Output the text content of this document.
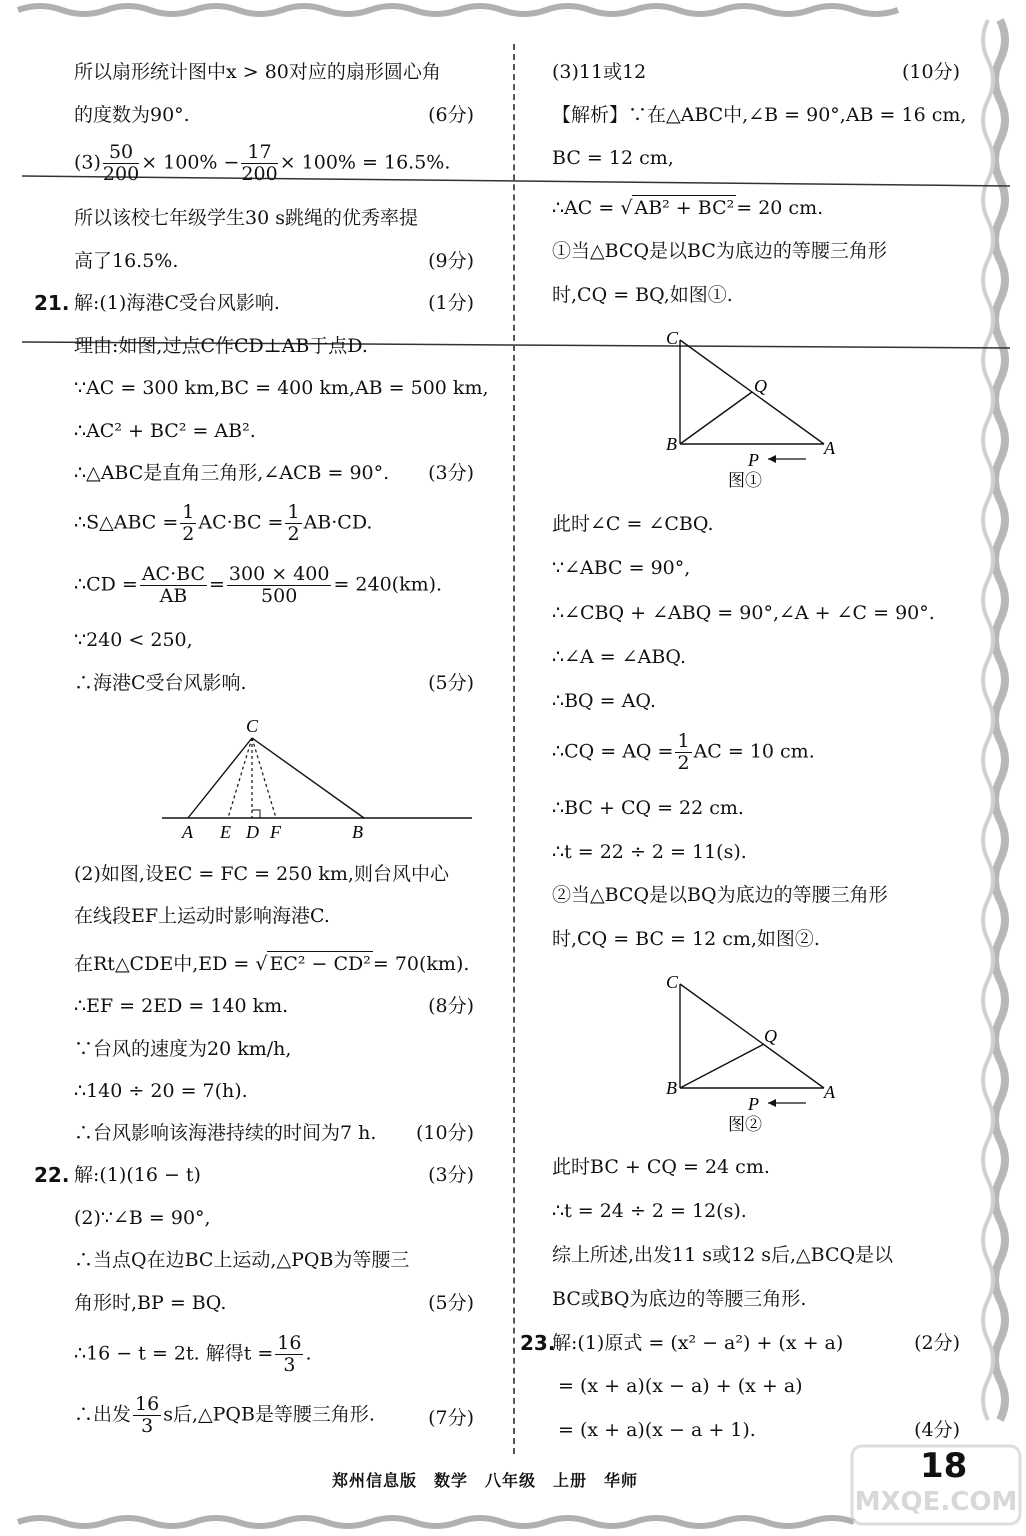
所以扇形统计图中x > 80对应的扇形圆心角
的度数为90°.	(6分)
$(3) \frac{50}{200} \times 100\% - \frac{17}{200} \times 100\% = 16.5\%$.
所以该校七年级学生30 s跳绳的优秀率提
高了16.5%.	(9分)
21. 解:(1)海港C受台风影响.	(1分)
理由:如图,过点C作CD⊥AB于点D.
∵AC = 300 km,BC = 400 km,AB = 500 km,
∴AC² + BC² = AB².
∴△ABC是直角三角形,∠ACB = 90°. (3分)
∴S△ABC = $\frac{1}{2} AC\cdot BC = \frac{1}{2} AB\cdot CD$.
∴CD = $\frac{AC\cdot BC}{AB} = \frac{300 \times 400}{500} = 240(km)$.
∵240 < 250,
∴海港C受台风影响.	(5分)
C
A E D F	B
(2)如图,设EC = FC = 250 km,则台风中心
在线段EF上运动时影响海港C.
在Rt△CDE中,ED = √ EC² − CD² = 70(km).
∴EF = 2ED = 140 km.	(8分)
∵台风的速度为20 km/h,
∴140 ÷ 20 = 7(h).
∴台风影响该海港持续的时间为7 h. (10分)
22. 解:(1)(16 − t)	(3分)
(2)∵∠B = 90°,
∴当点Q在边BC上运动,△PQB为等腰三
角形时,BP = BQ.	(5分)
∴16 − t = 2t. 解得$t = \frac{16}{3}$ .
∴出发 $\frac{16}{3}$ s后,△PQB是等腰三角形.	(7分)
(3)11或12	(10分)
【解析】∵在△ABC中,∠B = 90°,AB = 16 cm,
BC = 12 cm,
∴AC = √ AB² + BC² = 20 cm.
①当△BCQ是以BC为底边的等腰三角形
时,CQ = BQ,如图①.
C
Q
B
P
A
图①
此时∠C = ∠CBQ.
∵∠ABC = 90°,
∴∠CBQ + ∠ABQ = 90°,∠A + ∠C = 90°.
∴∠A = ∠ABQ.
∴BQ = AQ.
∴CQ = AQ = $\frac{1}{2}$ AC = 10 cm.
∴BC + CQ = 22 cm.
∴t = 22 ÷ 2 = 11(s).
②当△BCQ是以BQ为底边的等腰三角形
时,CQ = BC = 12 cm,如图②.
C
Q
B
P
A
图②
此时BC + CQ = 24 cm.
∴t = 24 ÷ 2 = 12(s).
综上所述,出发11 s或12 s后,△BCQ是以
BC或BQ为底边的等腰三角形.
23.
解:(1)原式 = (x² − a²) + (x + a)	(2分)
= (x + a)(x − a) + (x + a)
= (x + a)(x − a + 1).	(4分)
郑州信息版　数学　八年级　上册　华师	18
MXQE.COM
